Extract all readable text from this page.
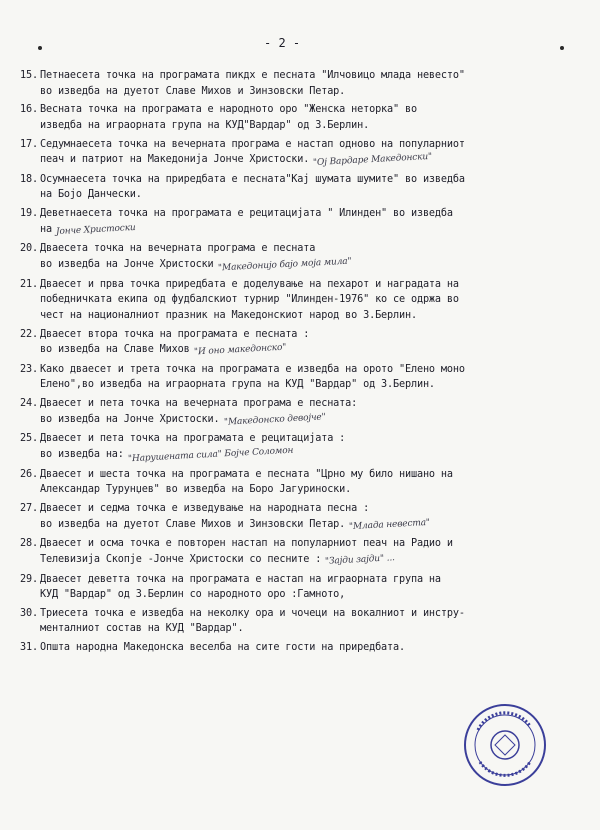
- 2 -
15. Петнаесета точка на програмата пикдх е песната "Илчовицо млада невесто"
во изведба на дуетот Славе Михов и Зинзовски Петар.
16. Весната точка на програмата е народното оро "Женска нeторка" во
изведба на играорната група на КУД"Вардар" од З.Берлин.
17. Седумнаесета точка на вечерната програма е настап одново на популарниот
пеач и патриот на Македонија Јонче Христоски. "Ој Вардаре Македонски"
18. Осумнаесета точка на приредбата е песната"Кај шумата шумите" во изведба
на Бојо Данчески.
19. Деветнаесета точка на програмата е рецитацијата " Илинден" во изведба
на Јонче Христоски
20. Дваесета точка на вечерната програма е песната
во изведба на Јонче Христоски "Македонијо бајо моја мила"
21. Дваесет и прва точка приредбата е доделување на пехарот и наградата на
победничката екипа од фудбалскиот турнир "Илинден-1976" ко се одржа во
чест на националниот празник на Македонскиот народ во З.Берлин.
22. Дваесет втора точка на програмата е песната :
во изведба на Славе Михов "И оно македонско"
23. Како дваесет и трета точка на програмата е изведба на орото "Елено моно
Елено",во изведба на играорната група на КУД "Вардар" од З.Берлин.
24. Дваесет и пета точка на вечерната програма е песната:
во изведба на Јонче Христоски. "Македонско девојче"
25. Дваесет и пета точка на програмата е рецитацијата :
во изведба на: "Нарушената сила" Бојче Соломон
26. Дваесет и шеста точка на програмата е песната "Црно му било нишано на
Александар Турунџев" во изведба на Боро Јагуриноски.
27. Дваесет и седма точка е изведување на народната песна :
во изведба на дуетот Славе Михов и Зинзовски Петар. "Млада невеста"
28. Дваесет и осма точка е повторен настап на популарниот пеач на Радио и
Телевизија Скопје -Јонче Христоски со песните : "Зајди зајди" ...
29. Дваесет деветта точка на програмата е настап на играорната група на
КУД "Вардар" од З.Берлин со народното оро :Гамното,
30. Триесета точка е изведба на неколку ора и чочеци на вокалниот и инстру-
менталниот состав на КУД "Вардар".
31. Општа народна Македонска веселба на сите гости на приредбата.
